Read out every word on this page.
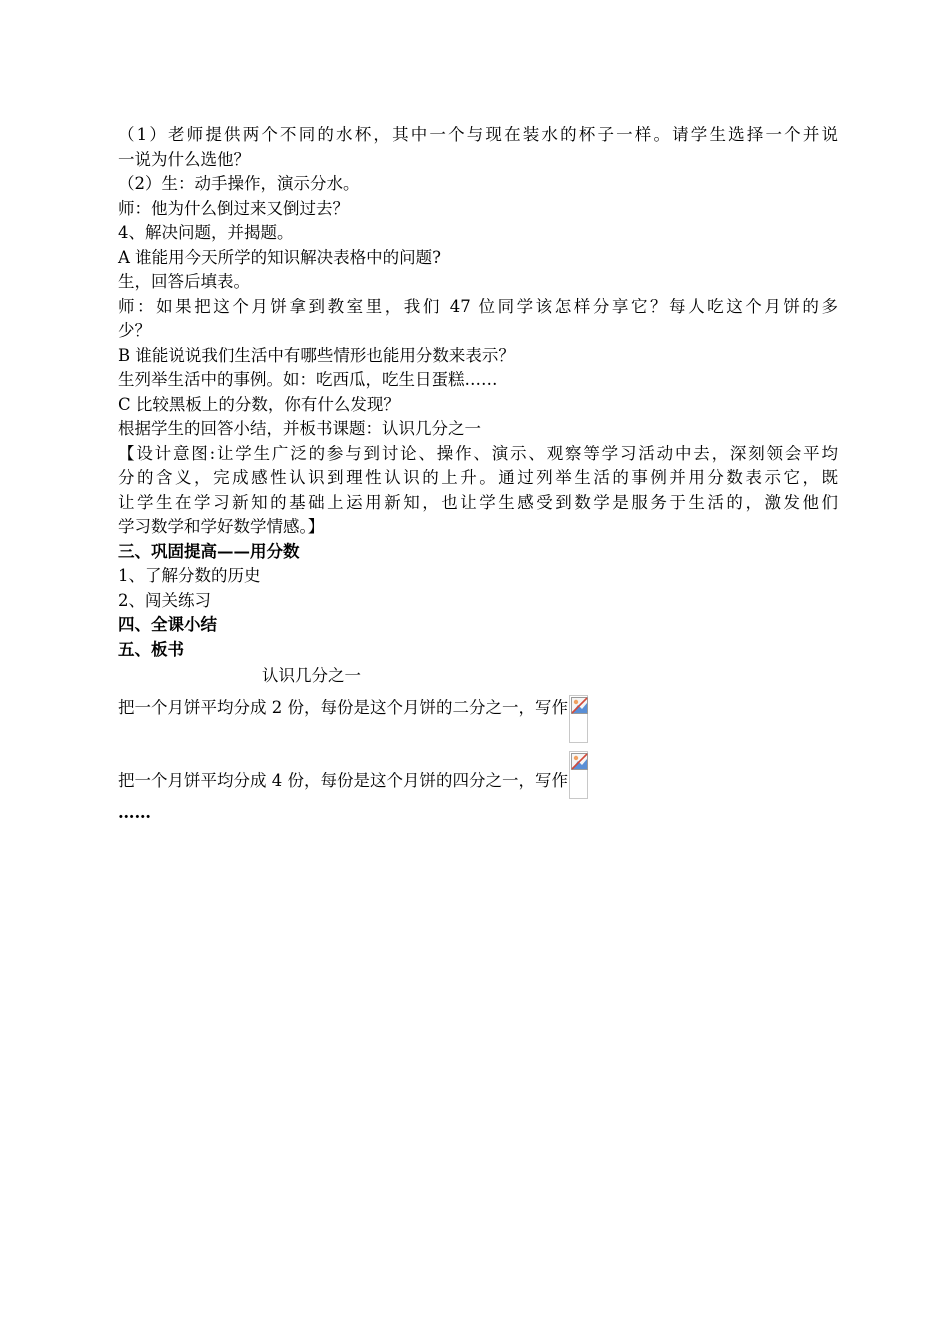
（1）老师提供两个不同的水杯，其中一个与现在装水的杯子一样。请学生选择一个并说
一说为什么选他？
（2）生：动手操作，演示分水。
师：他为什么倒过来又倒过去？
4、解决问题，并揭题。
A 谁能用今天所学的知识解决表格中的问题?
生，回答后填表。
师：如果把这个月饼拿到教室里，我们 47 位同学该怎样分享它？每人吃这个月饼的多
少？
B 谁能说说我们生活中有哪些情形也能用分数来表示？
生列举生活中的事例。如：吃西瓜，吃生日蛋糕……
C 比较黑板上的分数，你有什么发现？
根据学生的回答小结，并板书课题：认识几分之一
【设计意图:让学生广泛的参与到讨论、操作、演示、观察等学习活动中去，深刻领会平均
分的含义，完成感性认识到理性认识的上升。通过列举生活的事例并用分数表示它，既
让学生在学习新知的基础上运用新知，也让学生感受到数学是服务于生活的，激发他们
学习数学和学好数学情感。】
三、巩固提高——用分数
1、了解分数的历史
2、闯关练习
四、全课小结
五、板书
认识几分之一
把一个月饼平均分成 2 份，每份是这个月饼的二分之一，写作
把一个月饼平均分成 4 份，每份是这个月饼的四分之一，写作
……
